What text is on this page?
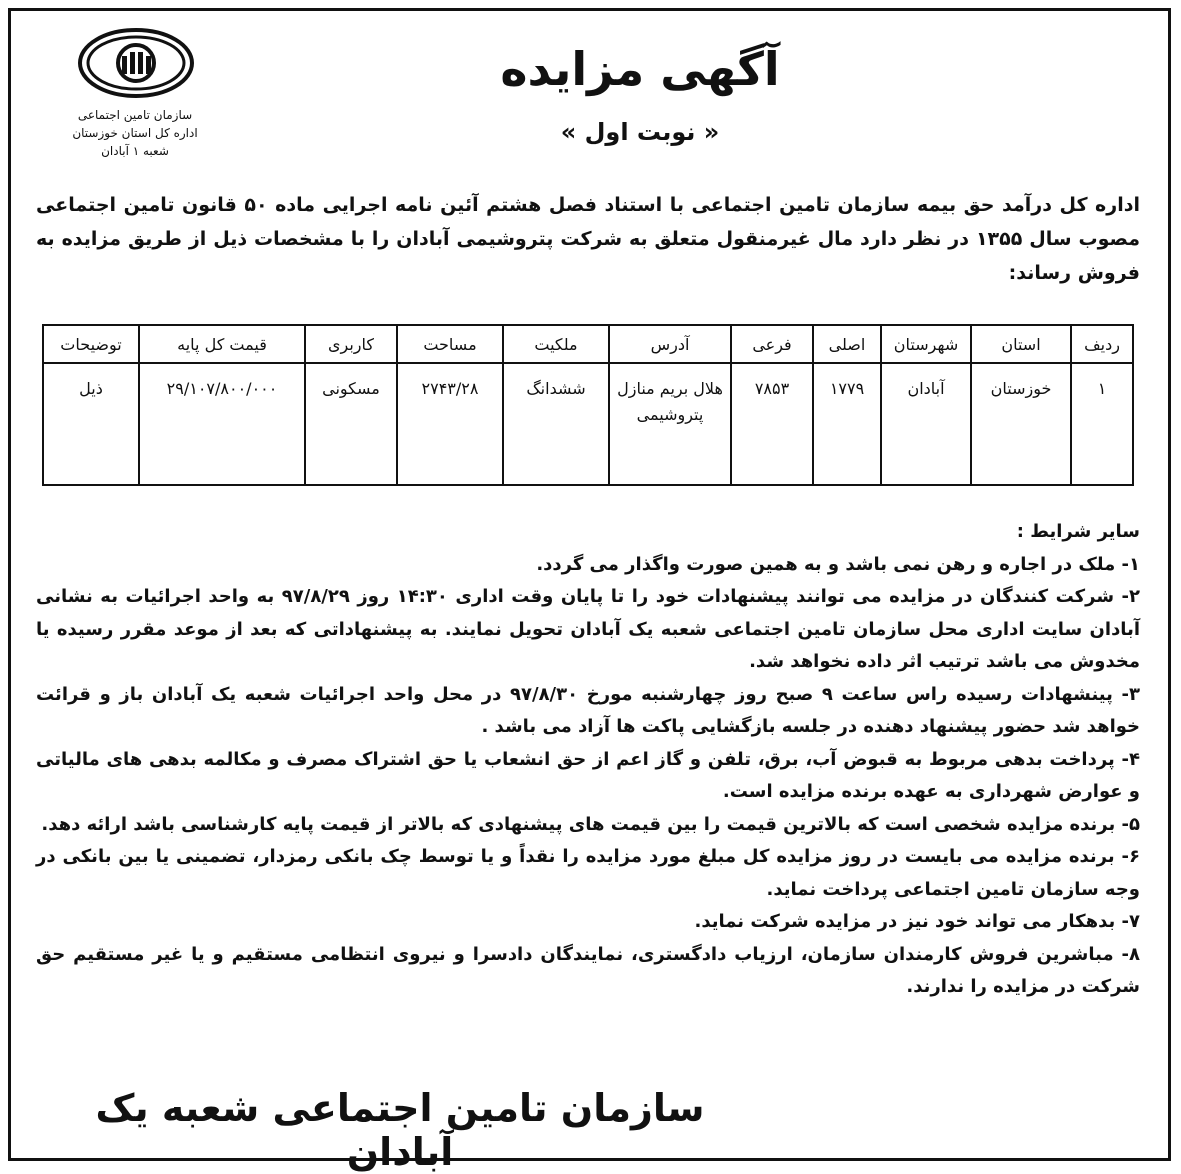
سازمان تامین اجتماعی
اداره کل استان خوزستان
شعبه ۱ آبادان
آگهی مزایده
« نوبت اول »
اداره کل درآمد حق بیمه سازمان تامین اجتماعی با استناد فصل هشتم آئین نامه اجرایی ماده ۵۰ قانون تامین اجتماعی مصوب سال ۱۳۵۵ در نظر دارد مال غیرمنقول متعلق به شرکت پتروشیمی آبادان را با مشخصات ذیل از طریق مزایده به فروش رساند:
ردیف	استان	شهرستان	اصلی	فرعی	آدرس	ملکیت	مساحت	کاربری	قیمت کل پایه	توضیحات
۱	خوزستان	آبادان	۱۷۷۹	۷۸۵۳	هلال بریم منازل پتروشیمی	ششدانگ	۲۷۴۳/۲۸	مسکونی	۲۹/۱۰۷/۸۰۰/۰۰۰	ذیل

سایر شرایط :

۱- ملک در اجاره و رهن نمی باشد و به همین صورت واگذار می گردد.

۲- شرکت کنندگان در مزایده می توانند پیشنهادات خود را تا پایان وقت اداری ۱۴:۳۰ روز ۹۷/۸/۲۹ به واحد اجرائیات به نشانی آبادان سایت اداری محل سازمان تامین اجتماعی شعبه یک آبادان تحویل نمایند. به پیشنهاداتی که بعد از موعد مقرر رسیده یا مخدوش می باشد ترتیب اثر داده نخواهد شد.

۳- پینشهادات رسیده راس ساعت ۹ صبح روز چهارشنبه مورخ ۹۷/۸/۳۰ در محل واحد اجرائیات شعبه یک آبادان باز و قرائت خواهد شد حضور پیشنهاد دهنده در جلسه بازگشایی پاکت ها آزاد می باشد .

۴- پرداخت بدهی مربوط به قبوض آب، برق، تلفن و گاز اعم از حق انشعاب یا حق اشتراک مصرف و مکالمه بدهی های مالیاتی و عوارض شهرداری به عهده برنده مزایده است.

۵- برنده مزایده شخصی است که بالاترین قیمت را بین قیمت های پیشنهادی که بالاتر از قیمت پایه کارشناسی باشد ارائه دهد.

۶- برنده مزایده می بایست در روز مزایده کل مبلغ مورد مزایده را نقداً و یا توسط چک بانکی رمزدار، تضمینی یا بین بانکی در وجه سازمان تامین اجتماعی پرداخت نماید.

۷- بدهکار می تواند خود نیز در مزایده شرکت نماید.

۸- مباشرین فروش کارمندان سازمان، ارزیاب دادگستری، نمایندگان دادسرا و نیروی انتظامی مستقیم و یا غیر مستقیم حق شرکت در مزایده را ندارند.

سازمان تامین اجتماعی شعبه یک آبادان
